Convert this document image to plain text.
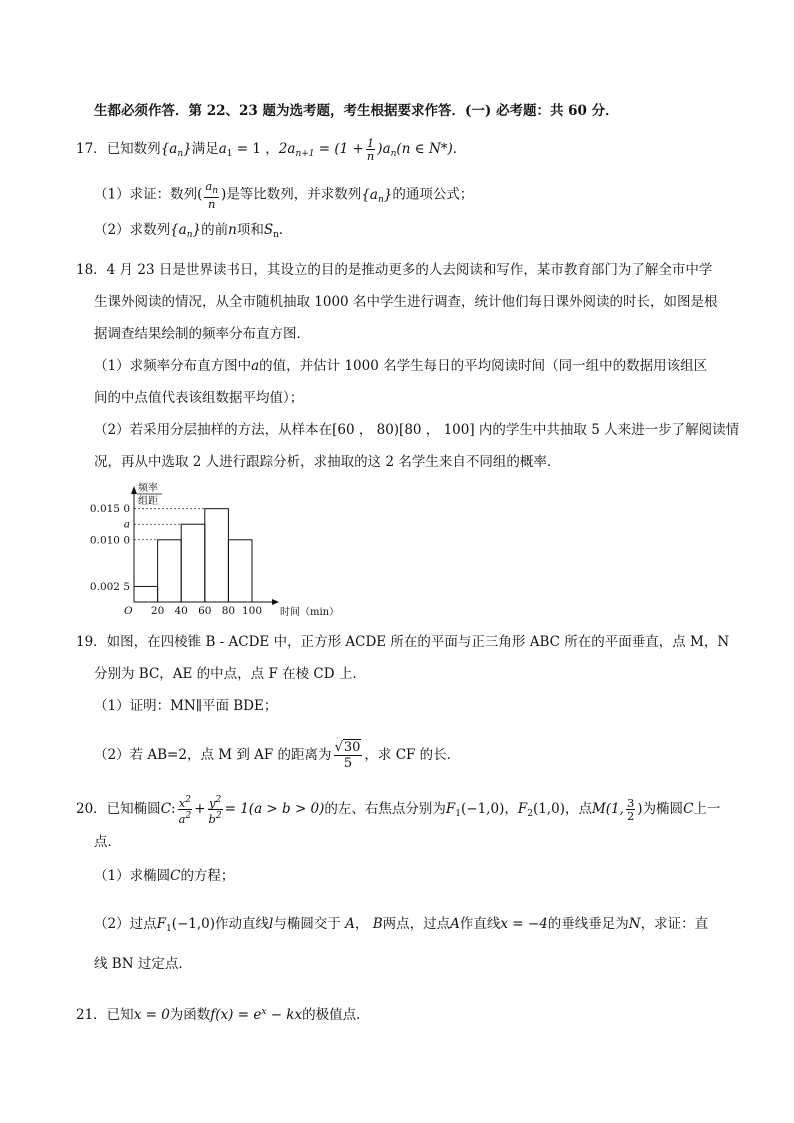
生都必须作答．第 22、23 题为选考题，考生根据要求作答．(一) 必考题：共 60 分．
17．已知数列$\{a_n\}$满足$a_1 = 1$ ，$2a_{n+1} = (1 + \frac{1}{n} )a_n(n$ ∈ N*)．
（1）求证：数列( $\frac{a_n}{n}$ )是等比数列，并求数列$\{a_n\}$的通项公式；
（2）求数列$\{a_n\}$的前n项和$S_n$．
18．4 月 23 日是世界读书日，其设立的目的是推动更多的人去阅读和写作，某市教育部门为了解全市中学
生课外阅读的情况，从全市随机抽取 1000 名中学生进行调查，统计他们每日课外阅读的时长，如图是根
据调查结果绘制的频率分布直方图．
（1）求频率分布直方图中a的值，并估计 1000 名学生每日的平均阅读时间（同一组中的数据用该组区
间的中点值代表该组数据平均值）；
（2）若采用分层抽样的方法，从样本在[60 ， 80)[80 ， 100] 内的学生中共抽取 5 人来进一步了解阅读情
况，再从中选取 2 人进行跟踪分析，求抽取的这 2 名学生来自不同组的概率．
0.002 5
0.010 0
a
0.015 0
20 40 60 80 100
O
频率
组距
时间（min）
19．如图，在四棱锥 B - ACDE 中，正方形 ACDE 所在的平面与正三角形 ABC 所在的平面垂直，点 M，N
分别为 BC，AE 的中点，点 F 在棱 CD 上．
（1）证明：MN∥平面 BDE；
（2）若 AB=2，点 M 到 AF 的距离为 $\frac{√30}{5}$ ，求 CF 的长．
20．已知椭圆C: $\frac{x^2}{a^2} + \frac{y^2}{b^2} = 1(a > b > 0)$的左、右焦点分别为$F_1(-1,0)$，$F_2(1,0)$，点M(1, $\frac{3}{2}$ )为椭圆C上一
点．
（1）求椭圆C的方程；
（2）过点$F_1(-1,0)$作动直线l与椭圆交于 A， B两点，过点A作直线x = −4的垂线垂足为N，求证：直
线 BN 过定点．
21．已知x = 0为函数$f(x) = e^x$ − kx的极值点．
